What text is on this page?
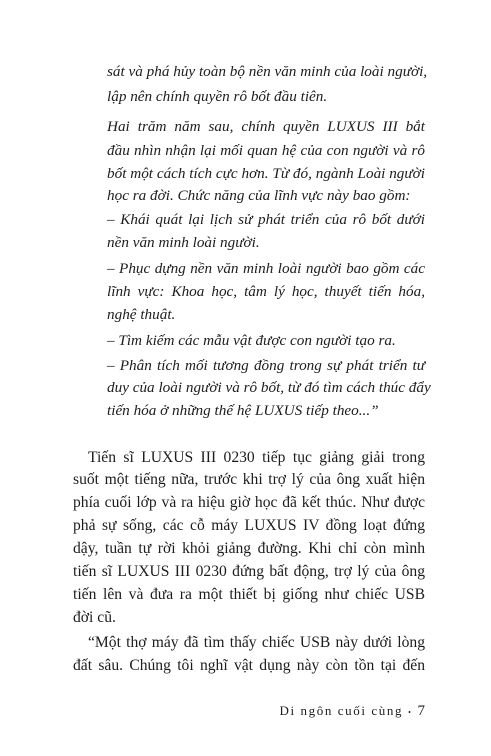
sát và phá hủy toàn bộ nền văn minh của loài người,
lập nên chính quyền rô bốt đầu tiên.
Hai trăm năm sau, chính quyền LUXUS III bắt
đầu nhìn nhận lại mối quan hệ của con người và rô
bốt một cách tích cực hơn. Từ đó, ngành Loài người
học ra đời. Chức năng của lĩnh vực này bao gồm:
– Khái quát lại lịch sử phát triển của rô bốt dưới
nền văn minh loài người.
– Phục dựng nền văn minh loài người bao gồm các
lĩnh vực: Khoa học, tâm lý học, thuyết tiến hóa,
nghệ thuật.
– Tìm kiếm các mẫu vật được con người tạo ra.
– Phân tích mối tương đồng trong sự phát triển tư
duy của loài người và rô bốt, từ đó tìm cách thúc đẩy
tiến hóa ở những thế hệ LUXUS tiếp theo...”
Tiến sĩ LUXUS III 0230 tiếp tục giảng giải trong
suốt một tiếng nữa, trước khi trợ lý của ông xuất hiện
phía cuối lớp và ra hiệu giờ học đã kết thúc. Như được
phả sự sống, các cỗ máy LUXUS IV đồng loạt đứng
dậy, tuần tự rời khỏi giảng đường. Khi chỉ còn mình
tiến sĩ LUXUS III 0230 đứng bất động, trợ lý của ông
tiến lên và đưa ra một thiết bị giống như chiếc USB
đời cũ.
“Một thợ máy đã tìm thấy chiếc USB này dưới lòng
đất sâu. Chúng tôi nghĩ vật dụng này còn tồn tại đến
Di ngôn cuối cùng • 7
